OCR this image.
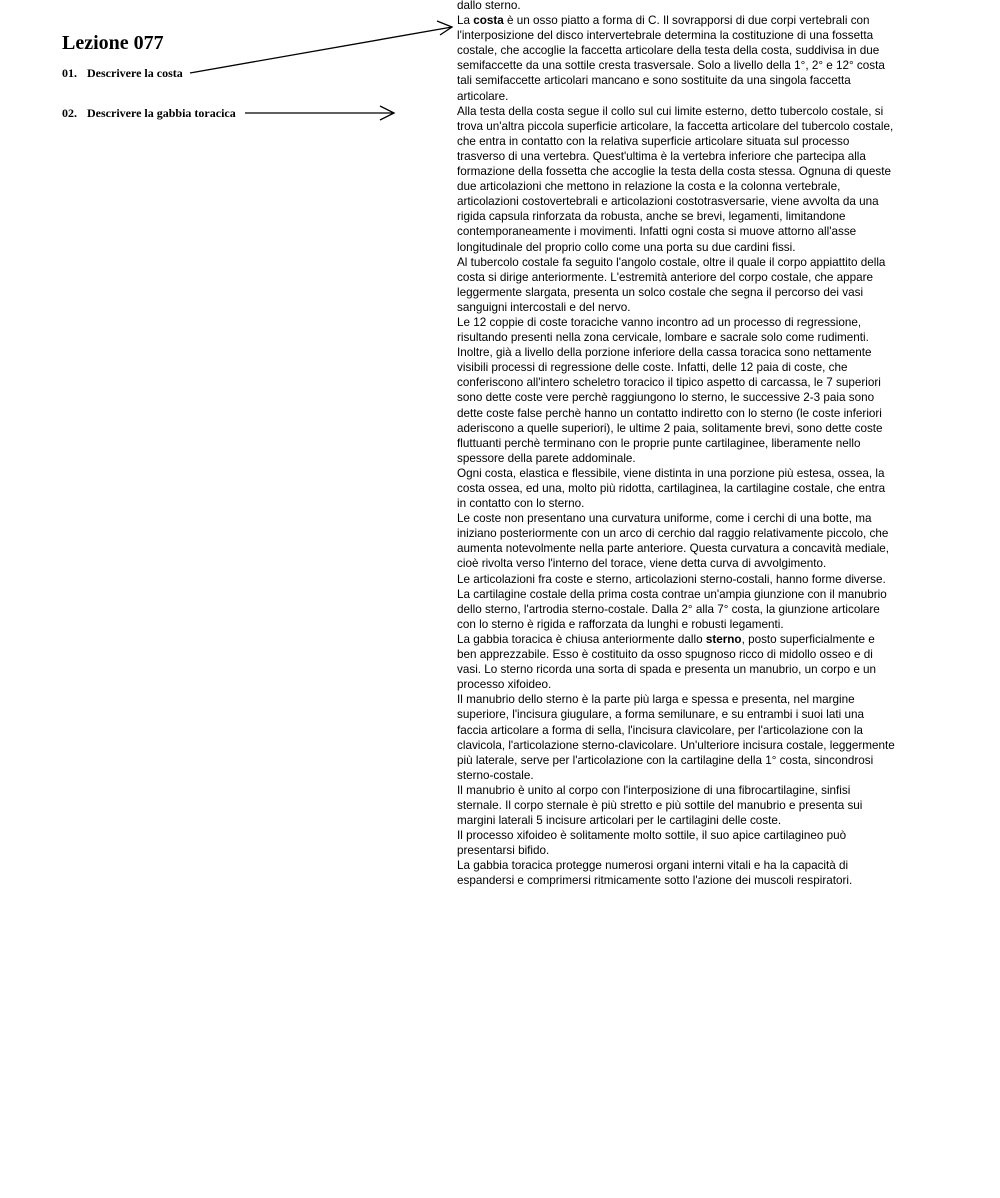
Lezione 077
01. Descrivere la costa
02. Descrivere la gabbia toracica
dallo sterno.
La costa è un osso piatto a forma di C. Il sovrapporsi di due corpi vertebrali con
l'interposizione del disco intervertebrale determina la costituzione di una fossetta
costale, che accoglie la faccetta articolare della testa della costa, suddivisa in due
semifaccette da una sottile cresta trasversale. Solo a livello della 1°, 2° e 12° costa
tali semifaccette articolari mancano e sono sostituite da una singola faccetta
articolare.
Alla testa della costa segue il collo sul cui limite esterno, detto tubercolo costale, si
trova un'altra piccola superficie articolare, la faccetta articolare del tubercolo costale,
che entra in contatto con la relativa superficie articolare situata sul processo
trasverso di una vertebra. Quest'ultima è la vertebra inferiore che partecipa alla
formazione della fossetta che accoglie la testa della costa stessa. Ognuna di queste
due articolazioni che mettono in relazione la costa e la colonna vertebrale,
articolazioni costovertebrali e articolazioni costotrasversarie, viene avvolta da una
rigida capsula rinforzata da robusta, anche se brevi, legamenti, limitandone
contemporaneamente i movimenti. Infatti ogni costa si muove attorno all'asse
longitudinale del proprio collo come una porta su due cardini fissi.
Al tubercolo costale fa seguito l'angolo costale, oltre il quale il corpo appiattito della
costa si dirige anteriormente. L'estremità anteriore del corpo costale, che appare
leggermente slargata, presenta un solco costale che segna il percorso dei vasi
sanguigni intercostali e del nervo.
Le 12 coppie di coste toraciche vanno incontro ad un processo di regressione,
risultando presenti nella zona cervicale, lombare e sacrale solo come rudimenti.
Inoltre, già a livello della porzione inferiore della cassa toracica sono nettamente
visibili processi di regressione delle coste. Infatti, delle 12 paia di coste, che
conferiscono all'intero scheletro toracico il tipico aspetto di carcassa, le 7 superiori
sono dette coste vere perchè raggiungono lo sterno, le successive 2-3 paia sono
dette coste false perchè hanno un contatto indiretto con lo sterno (le coste inferiori
aderiscono a quelle superiori), le ultime 2 paia, solitamente brevi, sono dette coste
fluttuanti perchè terminano con le proprie punte cartilaginee, liberamente nello
spessore della parete addominale.
Ogni costa, elastica e flessibile, viene distinta in una porzione più estesa, ossea, la
costa ossea, ed una, molto più ridotta, cartilaginea, la cartilagine costale, che entra
in contatto con lo sterno.
Le coste non presentano una curvatura uniforme, come i cerchi di una botte, ma
iniziano posteriormente con un arco di cerchio dal raggio relativamente piccolo, che
aumenta notevolmente nella parte anteriore. Questa curvatura a concavità mediale,
cioè rivolta verso l'interno del torace, viene detta curva di avvolgimento.
Le articolazioni fra coste e sterno, articolazioni sterno-costali, hanno forme diverse.
La cartilagine costale della prima costa contrae un'ampia giunzione con il manubrio
dello sterno, l'artrodia sterno-costale. Dalla 2° alla 7° costa, la giunzione articolare
con lo sterno è rigida e rafforzata da lunghi e robusti legamenti.
La gabbia toracica è chiusa anteriormente dallo sterno, posto superficialmente e
ben apprezzabile. Esso è costituito da osso spugnoso ricco di midollo osseo e di
vasi. Lo sterno ricorda una sorta di spada e presenta un manubrio, un corpo e un
processo xifoideo.
Il manubrio dello sterno è la parte più larga e spessa e presenta, nel margine
superiore, l'incisura giugulare, a forma semilunare, e su entrambi i suoi lati una
faccia articolare a forma di sella, l'incisura clavicolare, per l'articolazione con la
clavicola, l'articolazione sterno-clavicolare. Un'ulteriore incisura costale, leggermente
più laterale, serve per l'articolazione con la cartilagine della 1° costa, sincondrosi
sterno-costale.
Il manubrio è unito al corpo con l'interposizione di una fibrocartilagine, sinfisi
sternale. Il corpo sternale è più stretto e più sottile del manubrio e presenta sui
margini laterali 5 incisure articolari per le cartilagini delle coste.
Il processo xifoideo è solitamente molto sottile, il suo apice cartilagineo può
presentarsi bifido.
La gabbia toracica protegge numerosi organi interni vitali e ha la capacità di
espandersi e comprimersi ritmicamente sotto l'azione dei muscoli respiratori.
